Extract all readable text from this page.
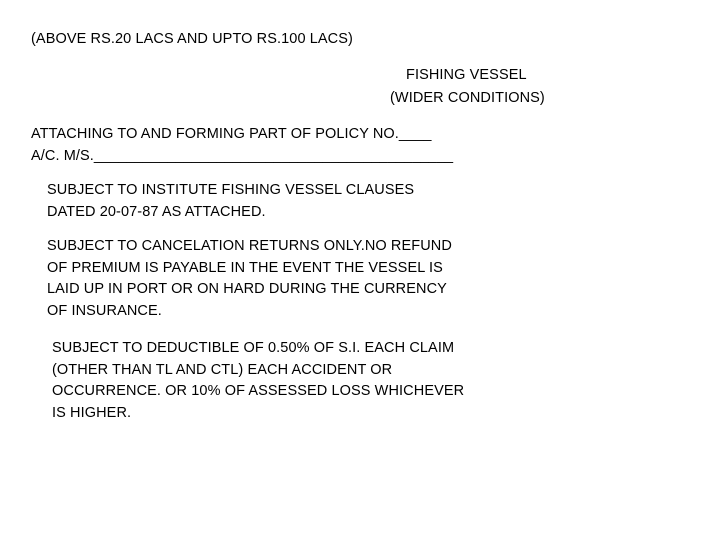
(ABOVE RS.20 LACS AND UPTO RS.100 LACS)
FISHING VESSEL
(WIDER CONDITIONS)
ATTACHING TO AND FORMING PART OF POLICY NO.____
A/C. M/S.____________________________________________
SUBJECT TO INSTITUTE FISHING VESSEL CLAUSES
DATED 20-07-87 AS ATTACHED.
SUBJECT TO CANCELATION RETURNS ONLY.NO REFUND
OF PREMIUM IS PAYABLE IN THE EVENT THE VESSEL IS
LAID UP IN PORT OR ON HARD DURING THE CURRENCY
OF INSURANCE.
SUBJECT TO DEDUCTIBLE OF 0.50% OF S.I. EACH CLAIM
(OTHER THAN TL AND CTL) EACH ACCIDENT OR
OCCURRENCE. OR 10% OF ASSESSED LOSS WHICHEVER
IS HIGHER.
